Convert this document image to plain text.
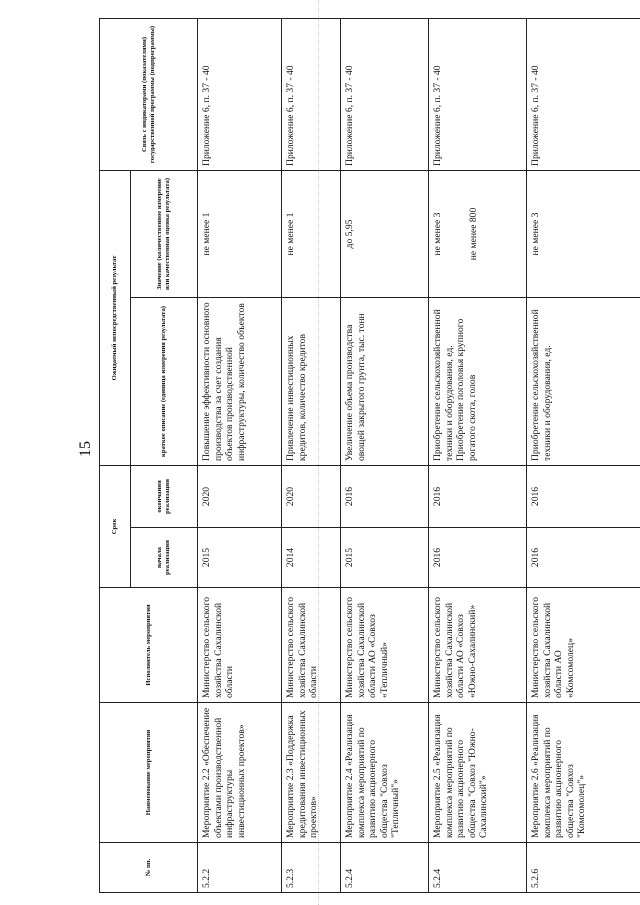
15
№ пп.	Наименование мероприятия	Исполнитель мероприятия	Срок		Ожидаемый непосредственный результат		Связь с индикаторами (показателями) государственной программы (подпрограммы)
			начала реализации	окончания реализации	краткое описание (единица измерения результата)	Значение (количественное измерение или качественная оценка результата)	
5.2.2	Мероприятие 2.2 «Обеспечение объектами производственной инфраструктуры инвестиционных проектов»	Министерство сельского хозяйства Сахалинской области	2015	2020	Повышение эффективности основного производства за счет создания объектов производственной инфраструктуры, количество объектов	не менее 1	Приложение 6, п. 37 - 40
5.2.3	Мероприятие 2.3 «Поддержка кредитования инвестиционных проектов»	Министерство сельского хозяйства Сахалинской области	2014	2020	Привлечение инвестиционных кредитов, количество кредитов	не менее 1	Приложение 6, п. 37 - 40
5.2.4	Мероприятие 2.4 «Реализация комплекса мероприятий по развитию акционерного общества "Совхоз "Тепличный"»	Министерство сельского хозяйства Сахалинской области АО «Совхоз «Тепличный»	2015	2016	Увеличение объема производства овощей закрытого грунта, тыс. тонн	до 5,95	Приложение 6, п. 37 - 40
5.2.4	Мероприятие 2.5 «Реализация комплекса мероприятий по развитию акционерного общества "Совхоз "Южно-Сахалинский"»	Министерство сельского хозяйства Сахалинской области АО «Совхоз «Южно-Сахалинский»	2016	2016	Приобретение сельскохозяйственной техники и оборудования, ед. Приобретение поголовья крупного рогатого скота, голов	не менее 3 не менее 800	Приложение 6, п. 37 - 40
5.2.6	Мероприятие 2.6 «Реализация комплекса мероприятий по развитию акционерного общества "Совхоз "Комсомолец"»	Министерство сельского хозяйства Сахалинской области АО «Комсомолец»	2016	2016	Приобретение сельскохозяйственной техники и оборудования, ед.	не менее 3	Приложение 6, п. 37 - 40
